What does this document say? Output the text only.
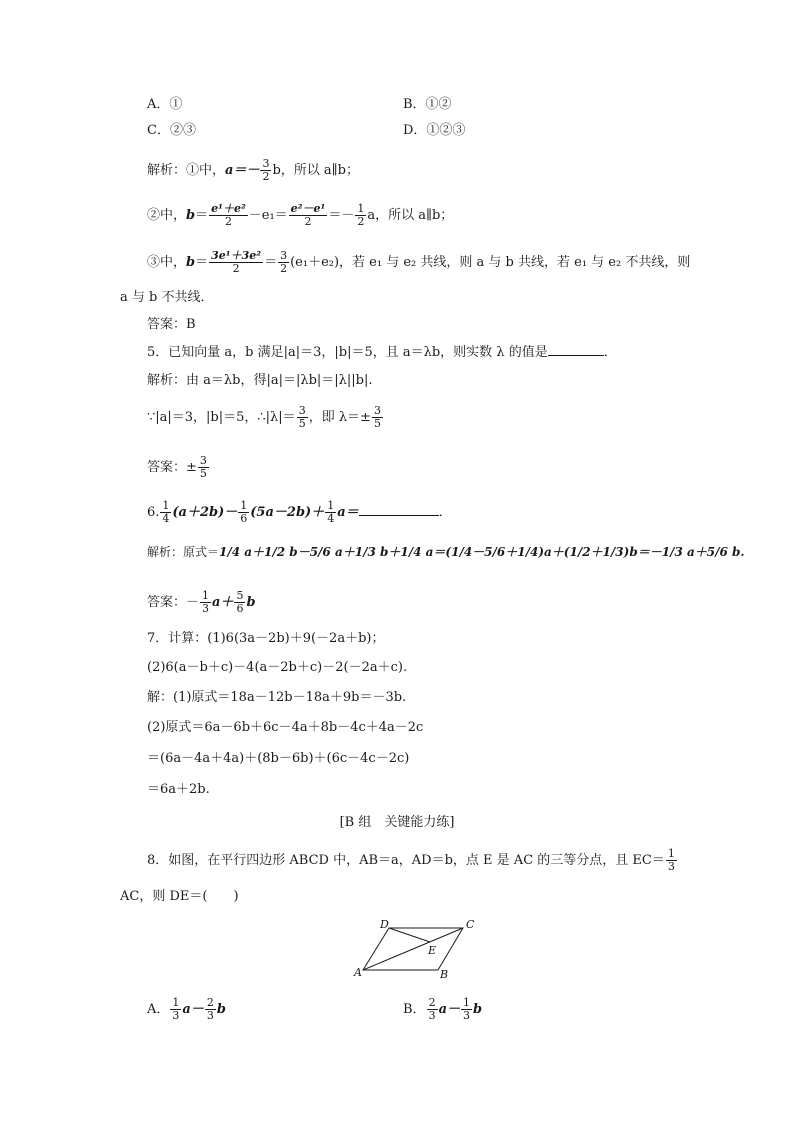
A．①	B．①②
C．②③	D．①②③
解析：①中，$a=- \frac{3}{2}$ b，所以 a∥b；
②中，$b= \frac{\text{e¹＋e²}}{2} -e_1= \frac{\text{e²－e¹}}{2} =- \frac{1}{2}$ a，所以 a∥b；
③中，$b= \frac{\text{3e¹＋3e²}}{2} = \frac{3}{2} (e_1+e_2)$，若 e₁ 与 e₂ 共线，则 a 与 b 共线，若 e₁ 与 e₂ 不共线，则
a 与 b 不共线．
答案：B
5．已知向量 a，b 满足|a|＝3，|b|＝5，且 a＝λb，则实数 λ 的值是	．
解析：由 a＝λb，得|a|＝|λb|＝|λ||b|.
∵|a|＝3，|b|＝5，∴|λ|＝ $\frac{3}{5}$ ，即 $\lambda=\pm \frac{3}{5}$
答案：± $\frac{3}{5}$
6. $\frac{1}{4} (a+2b)- \frac{1}{6} (5a-2b)+ \frac{1}{4} a=$	．
解析：原式＝1/4 a＋1/2 b－5/6 a＋1/3 b＋1/4 a＝(1/4－5/6＋1/4)a＋(1/2＋1/3)b＝－1/3 a＋5/6 b.
答案：－ $\frac{1}{3} a+ \frac{5}{6}$ b
7．计算：(1)6(3a－2b)＋9(－2a＋b)；
(2)6(a－b＋c)－4(a－2b＋c)－2(－2a＋c).
解：(1)原式＝18a－12b－18a＋9b＝－3b.
(2)原式＝6a－6b＋6c－4a＋8b－4c＋4a－2c
＝(6a－4a＋4a)＋(8b－6b)＋(6c－4c－2c)
＝6a＋2b.
[B 组　关键能力练]
8．如图，在平行四边形 ABCD 中，AB＝a，AD＝b，点 E 是 AC 的三等分点，且 $EC= \frac{1}{3}$
AC，则 DE＝(　　)
A	B
C
D
E
A． $\frac{1}{3} a- \frac{2}{3}$ b	B． $\frac{2}{3} a- \frac{1}{3}$ b
